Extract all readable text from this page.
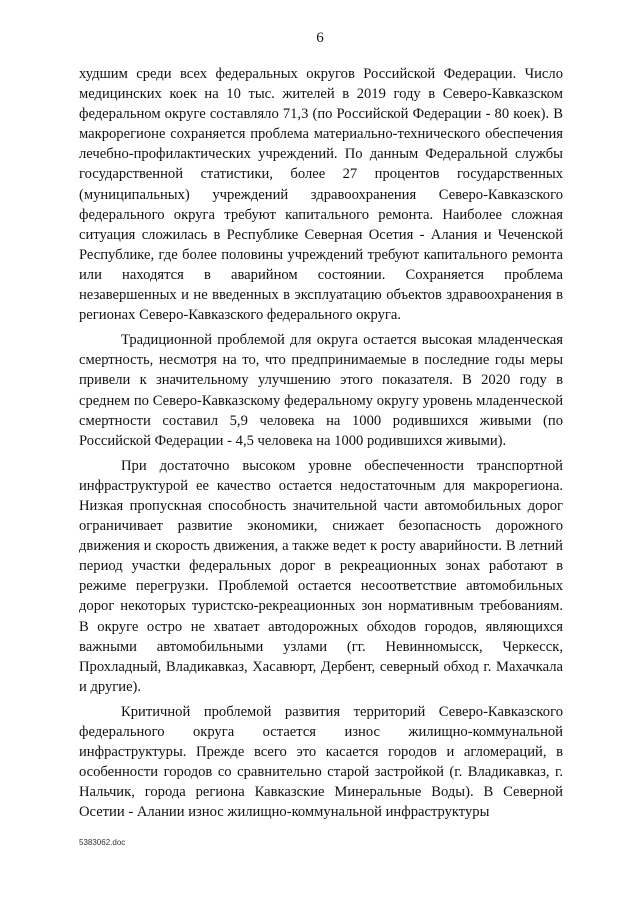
6

худшим среди всех федеральных округов Российской Федерации. Число медицинских коек на 10 тыс. жителей в 2019 году в Северо-Кавказском федеральном округе составляло 71,3 (по Российской Федерации - 80 коек). В макрорегионе сохраняется проблема материально-технического обеспечения лечебно-профилактических учреждений. По данным Федеральной службы государственной статистики, более 27 процентов государственных (муниципальных) учреждений здравоохранения Северо-Кавказского федерального округа требуют капитального ремонта. Наиболее сложная ситуация сложилась в Республике Северная Осетия - Алания и Чеченской Республике, где более половины учреждений требуют капитального ремонта или находятся в аварийном состоянии. Сохраняется проблема незавершенных и не введенных в эксплуатацию объектов здравоохранения в регионах Северо-Кавказского федерального округа.

Традиционной проблемой для округа остается высокая младенческая смертность, несмотря на то, что предпринимаемые в последние годы меры привели к значительному улучшению этого показателя. В 2020 году в среднем по Северо-Кавказскому федеральному округу уровень младенческой смертности составил 5,9 человека на 1000 родившихся живыми (по Российской Федерации - 4,5 человека на 1000 родившихся живыми).

При достаточно высоком уровне обеспеченности транспортной инфраструктурой ее качество остается недостаточным для макрорегиона. Низкая пропускная способность значительной части автомобильных дорог ограничивает развитие экономики, снижает безопасность дорожного движения и скорость движения, а также ведет к росту аварийности. В летний период участки федеральных дорог в рекреационных зонах работают в режиме перегрузки. Проблемой остается несоответствие автомобильных дорог некоторых туристско-рекреационных зон нормативным требованиям. В округе остро не хватает автодорожных обходов городов, являющихся важными автомобильными узлами (гг. Невинномысск, Черкесск, Прохладный, Владикавказ, Хасавюрт, Дербент, северный обход г. Махачкала и другие).

Критичной проблемой развития территорий Северо-Кавказского федерального округа остается износ жилищно-коммунальной инфраструктуры. Прежде всего это касается городов и агломераций, в особенности городов со сравнительно старой застройкой (г. Владикавказ, г. Нальчик, города региона Кавказские Минеральные Воды). В Северной Осетии - Алании износ жилищно-коммунальной инфраструктуры

5383062.doc
